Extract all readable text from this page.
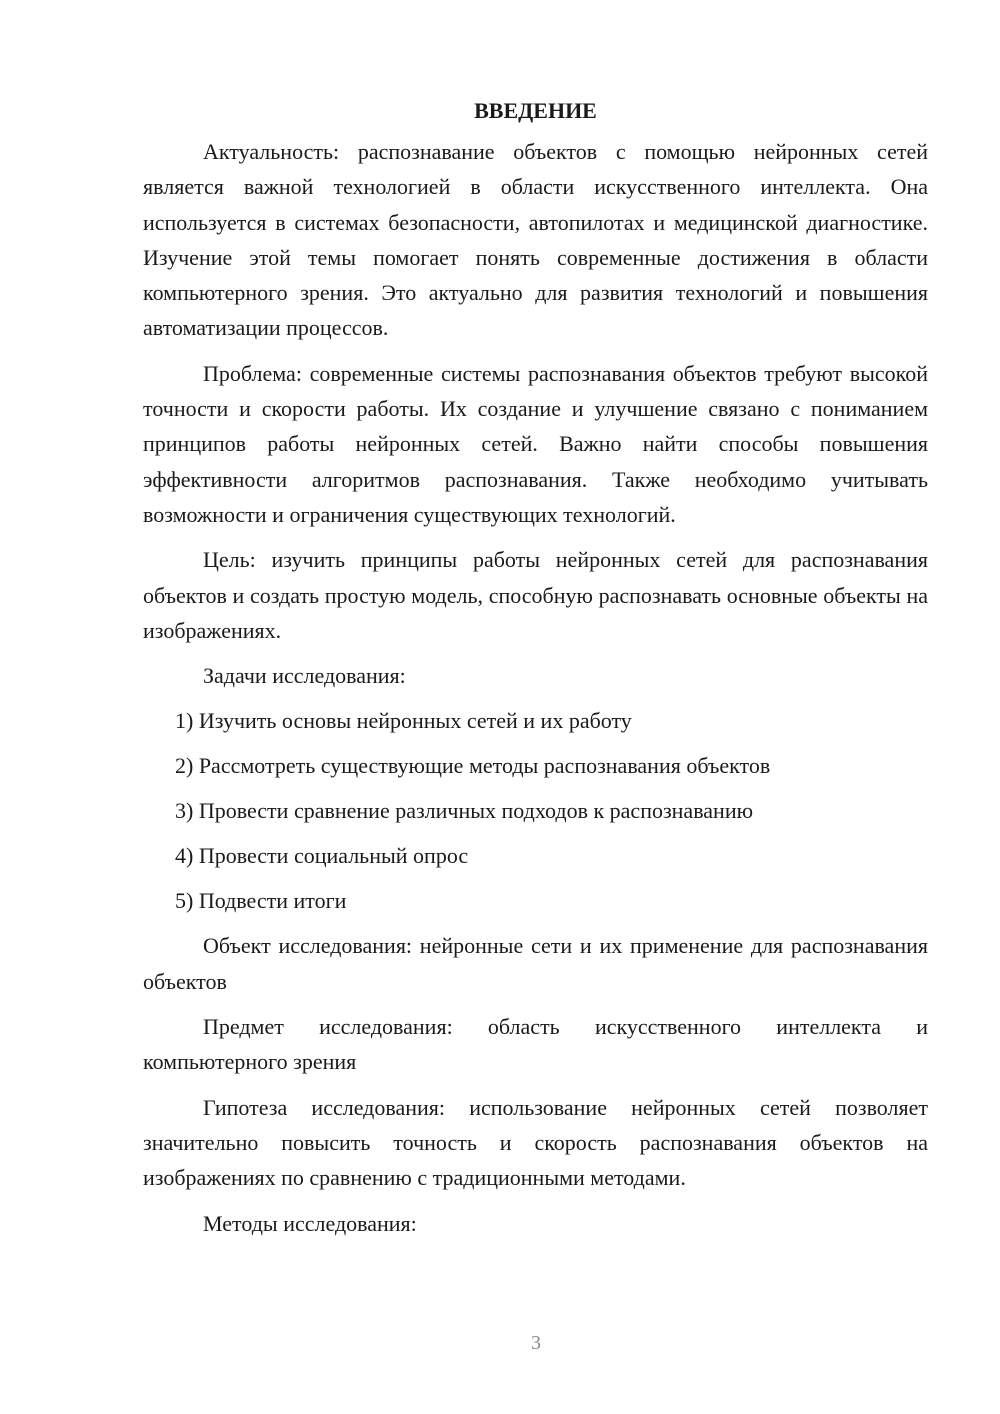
ВВЕДЕНИЕ

Актуальность: распознавание объектов с помощью нейронных сетей является важной технологией в области искусственного интеллекта. Она используется в системах безопасности, автопилотах и медицинской диагностике. Изучение этой темы помогает понять современные достижения в области компьютерного зрения. Это актуально для развития технологий и повышения автоматизации процессов.

Проблема: современные системы распознавания объектов требуют высокой точности и скорости работы. Их создание и улучшение связано с пониманием принципов работы нейронных сетей. Важно найти способы повышения эффективности алгоритмов распознавания. Также необходимо учитывать возможности и ограничения существующих технологий.

Цель: изучить принципы работы нейронных сетей для распознавания объектов и создать простую модель, способную распознавать основные объекты на изображениях.

Задачи исследования:

1) Изучить основы нейронных сетей и их работу
2) Рассмотреть существующие методы распознавания объектов
3) Провести сравнение различных подходов к распознаванию
4) Провести социальный опрос
5) Подвести итоги

Объект исследования: нейронные сети и их применение для распознавания объектов

Предмет исследования: область искусственного интеллекта и компьютерного зрения

Гипотеза исследования: использование нейронных сетей позволяет значительно повысить точность и скорость распознавания объектов на изображениях по сравнению с традиционными методами.

Методы исследования:

3
